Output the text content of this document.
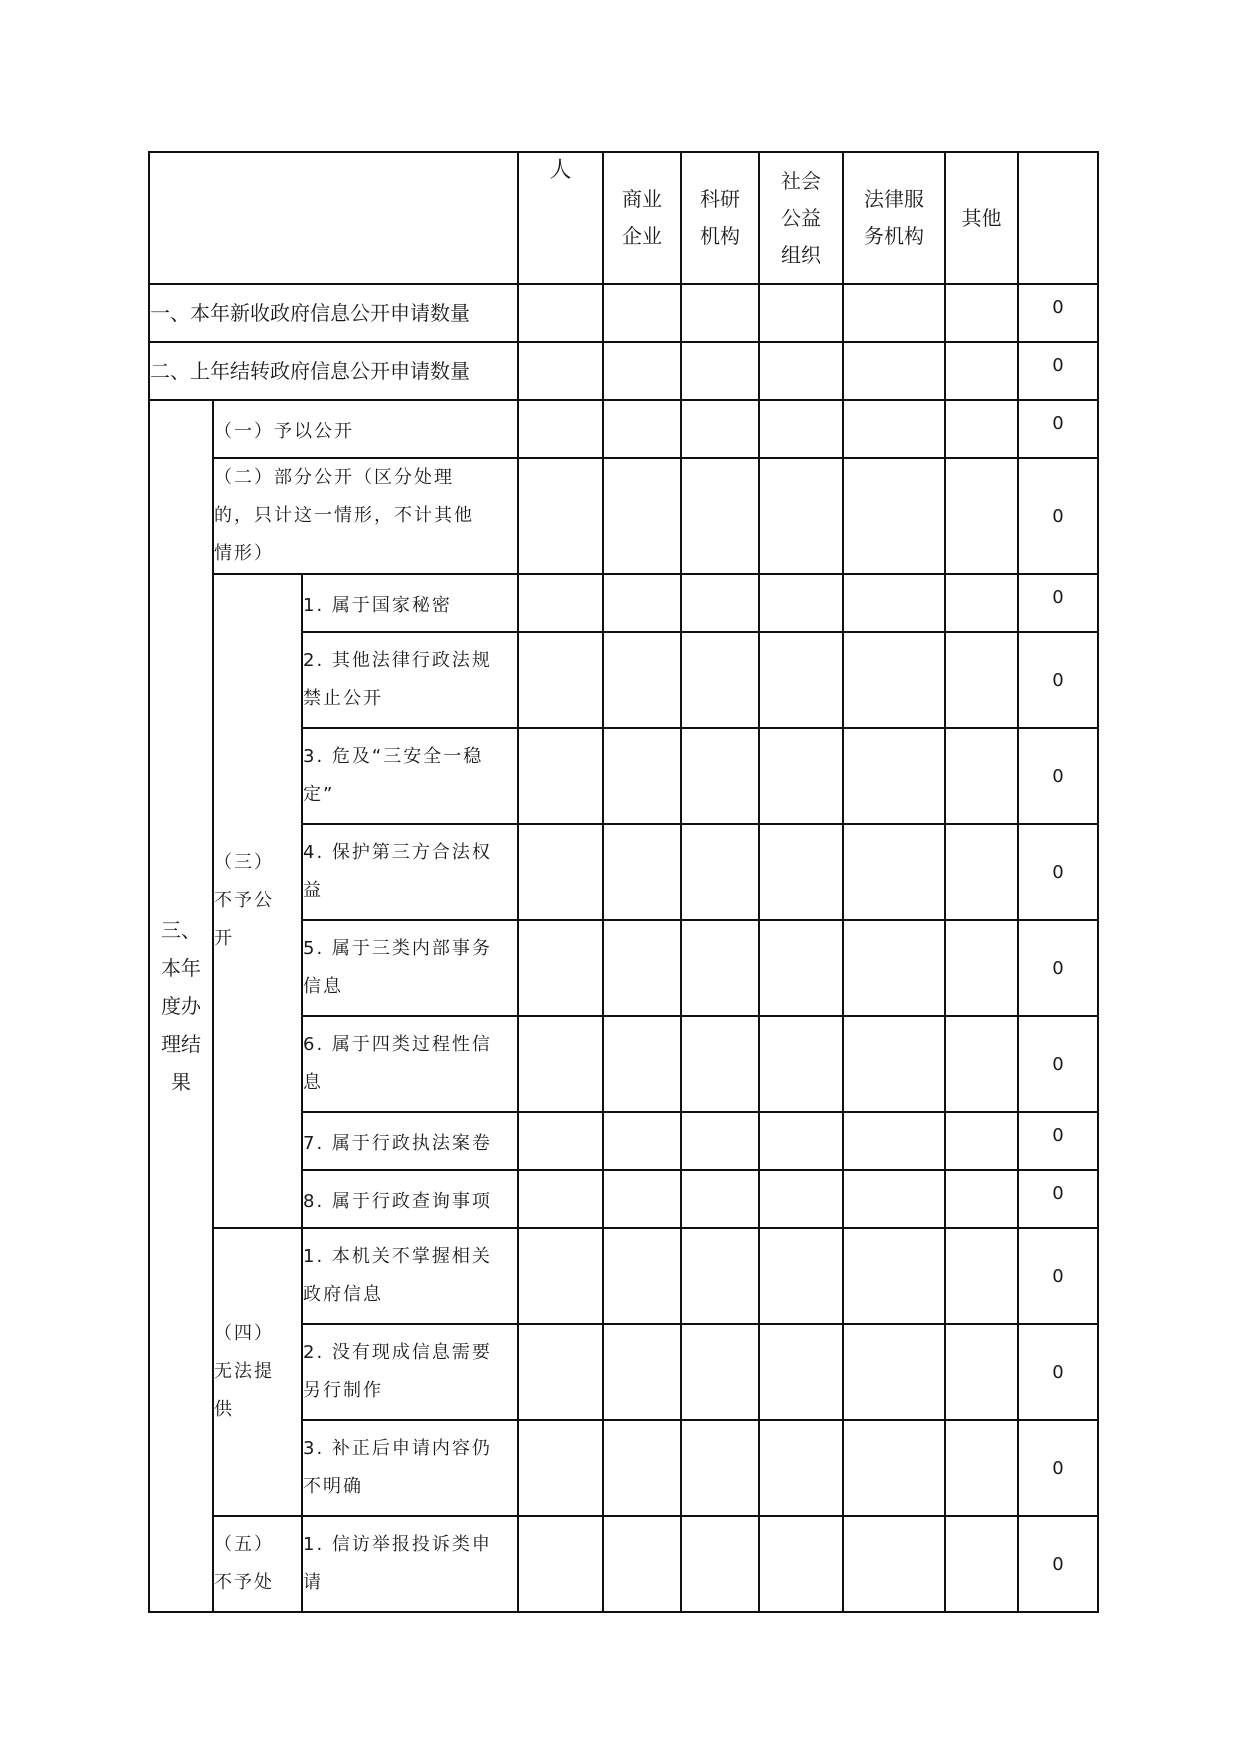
			人	商业企业	科研机构	社会公益组织	法律服务机构	其他	
一、本年新收政府信息公开申请数量									0
二、上年结转政府信息公开申请数量									0

三、本年度办理结果	（一）予以公开								0

	（二）部分公开（区分处理的，只计这一情形，不计其他情形）								0

	（三）不予公开	1. 属于国家秘密							0

		2. 其他法律行政法规禁止公开							0

		3. 危及“三安全一稳定”							0

		4. 保护第三方合法权益							0

		5. 属于三类内部事务信息							0

		6. 属于四类过程性信息							0
		7. 属于行政执法案卷							0
		8. 属于行政查询事项							0

	（四）无法提供	1. 本机关不掌握相关政府信息							0

		2. 没有现成信息需要另行制作							0

		3. 补正后申请内容仍不明确							0

	（五）不予处	1. 信访举报投诉类申请							0
